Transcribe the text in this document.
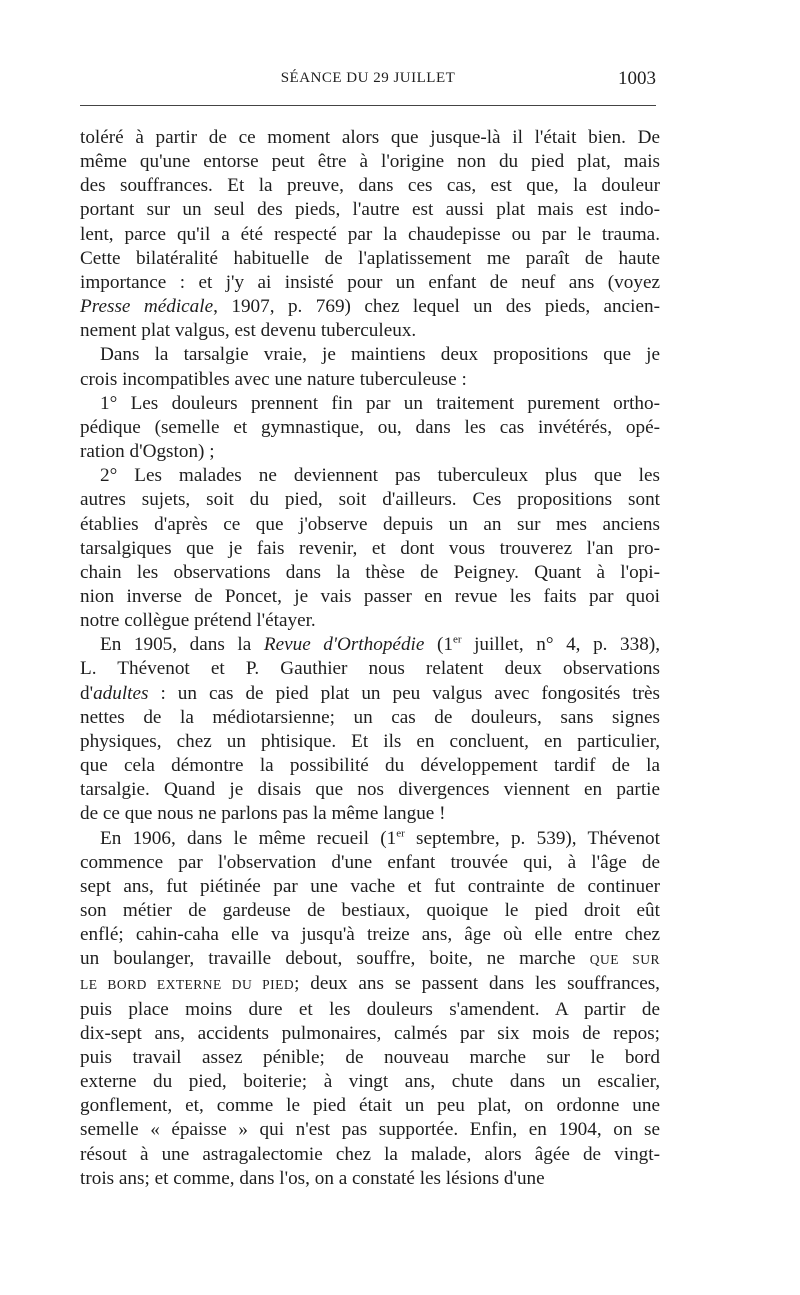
SÉANCE DU 29 JUILLET	1003
toléré à partir de ce moment alors que jusque-là il l'était bien. De
même qu'une entorse peut être à l'origine non du pied plat, mais
des souffrances. Et la preuve, dans ces cas, est que, la douleur
portant sur un seul des pieds, l'autre est aussi plat mais est indo-
lent, parce qu'il a été respecté par la chaudepisse ou par le trauma.
Cette bilatéralité habituelle de l'aplatissement me paraît de haute
importance : et j'y ai insisté pour un enfant de neuf ans (voyez
Presse médicale, 1907, p. 769) chez lequel un des pieds, ancien-
nement plat valgus, est devenu tuberculeux.
Dans la tarsalgie vraie, je maintiens deux propositions que je
crois incompatibles avec une nature tuberculeuse :
1° Les douleurs prennent fin par un traitement purement ortho-
pédique (semelle et gymnastique, ou, dans les cas invétérés, opé-
ration d'Ogston) ;
2° Les malades ne deviennent pas tuberculeux plus que les
autres sujets, soit du pied, soit d'ailleurs. Ces propositions sont
établies d'après ce que j'observe depuis un an sur mes anciens
tarsalgiques que je fais revenir, et dont vous trouverez l'an pro-
chain les observations dans la thèse de Peigney. Quant à l'opi-
nion inverse de Poncet, je vais passer en revue les faits par quoi
notre collègue prétend l'étayer.
En 1905, dans la Revue d'Orthopédie (1er juillet, n° 4, p. 338),
L. Thévenot et P. Gauthier nous relatent deux observations
d'adultes : un cas de pied plat un peu valgus avec fongosités très
nettes de la médiotarsienne; un cas de douleurs, sans signes
physiques, chez un phtisique. Et ils en concluent, en particulier,
que cela démontre la possibilité du développement tardif de la
tarsalgie. Quand je disais que nos divergences viennent en partie
de ce que nous ne parlons pas la même langue !
En 1906, dans le même recueil (1er septembre, p. 539), Thévenot
commence par l'observation d'une enfant trouvée qui, à l'âge de
sept ans, fut piétinée par une vache et fut contrainte de continuer
son métier de gardeuse de bestiaux, quoique le pied droit eût
enflé; cahin-caha elle va jusqu'à treize ans, âge où elle entre chez
un boulanger, travaille debout, souffre, boite, ne marche QUE SUR
LE BORD EXTERNE DU PIED; deux ans se passent dans les souffrances,
puis place moins dure et les douleurs s'amendent. A partir de
dix-sept ans, accidents pulmonaires, calmés par six mois de repos;
puis travail assez pénible; de nouveau marche sur le bord
externe du pied, boiterie; à vingt ans, chute dans un escalier,
gonflement, et, comme le pied était un peu plat, on ordonne une
semelle « épaisse » qui n'est pas supportée. Enfin, en 1904, on se
résout à une astragalectomie chez la malade, alors âgée de vingt-
trois ans; et comme, dans l'os, on a constaté les lésions d'une
